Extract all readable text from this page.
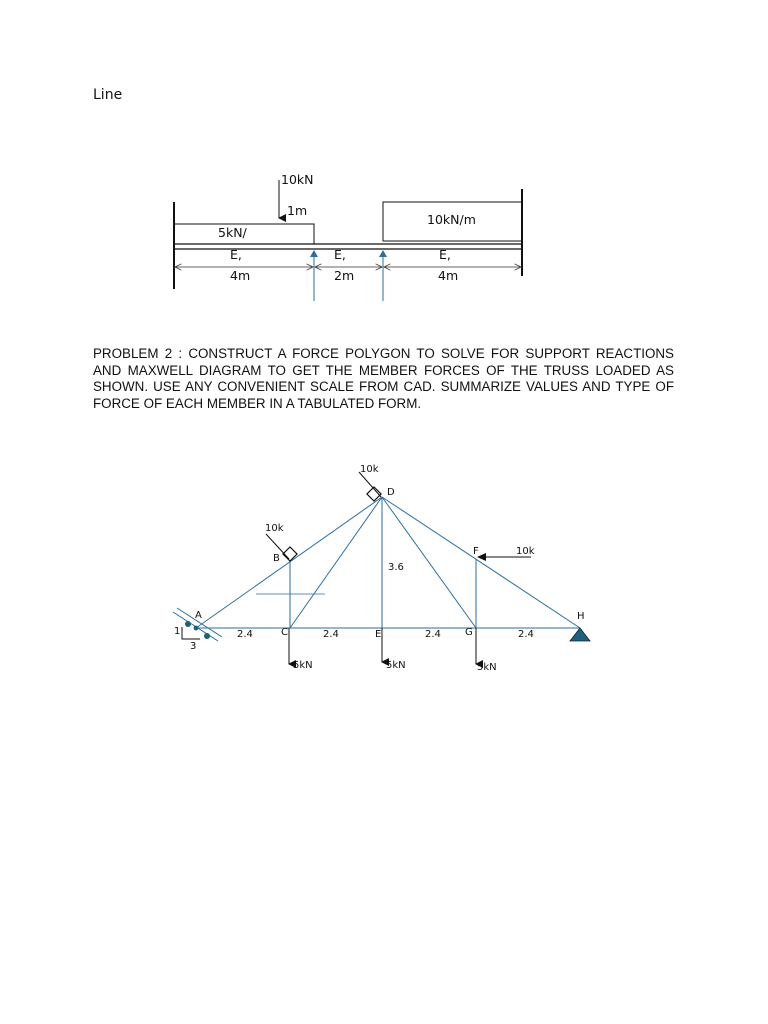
Line
10kN
1m
5kN/
10kN/m
E,	E,	E,
4m	2m	4m

PROBLEM 2 : CONSTRUCT A FORCE POLYGON TO SOLVE FOR SUPPORT REACTIONS AND MAXWELL DIAGRAM TO GET THE MEMBER FORCES OF THE TRUSS LOADED AS SHOWN. USE ANY CONVENIENT SCALE FROM CAD. SUMMARIZE VALUES AND TYPE OF FORCE OF EACH MEMBER IN A TABULATED FORM.

A
B
C
D
E
F
G
H
10k
10k
10k
3.6
2.4	2.4	2.4	2.4
1
3
5kN	5kN	5kN
